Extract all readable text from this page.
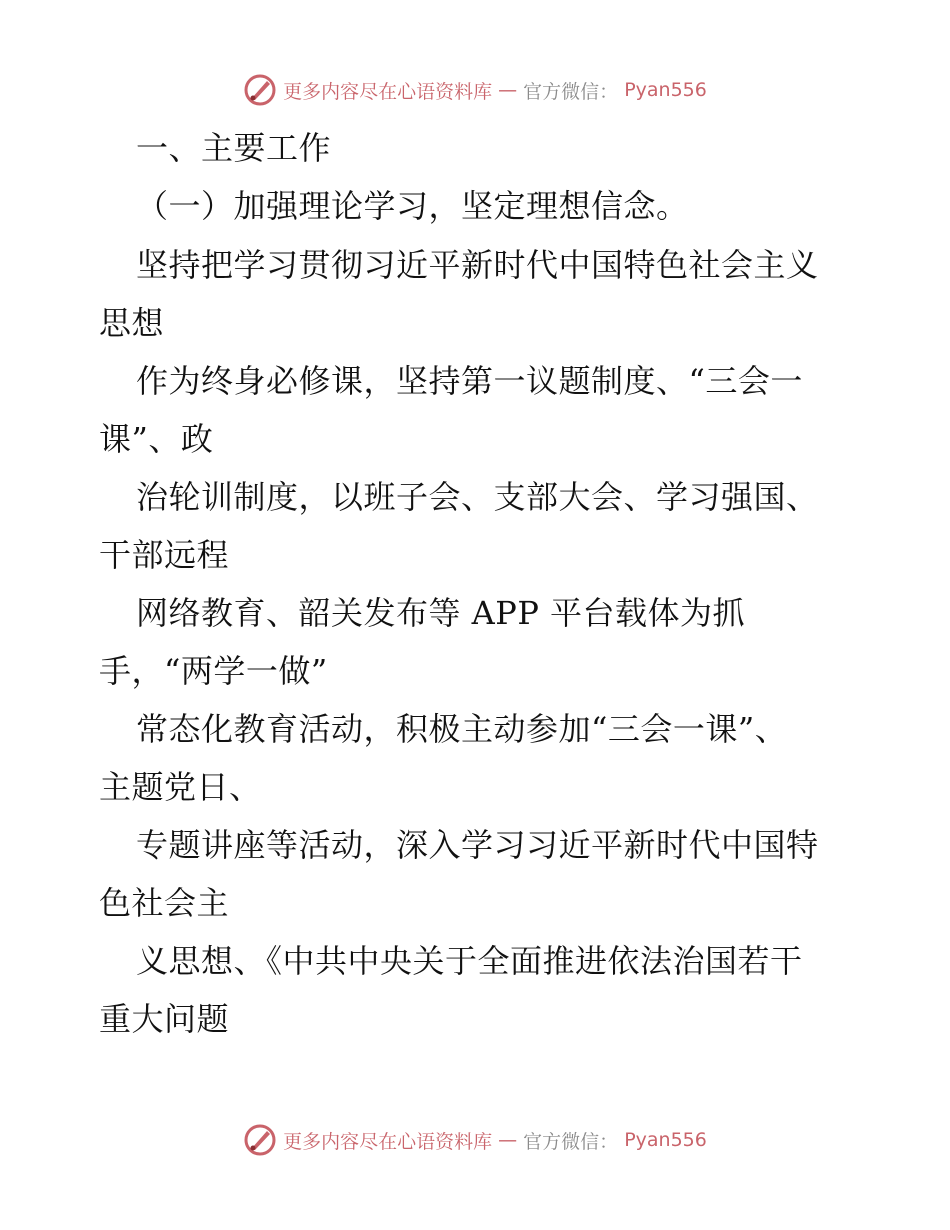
更多内容尽在心语资料库 — 官方微信： Pyan556
一、主要工作
（一）加强理论学习，坚定理想信念。
坚持把学习贯彻习近平新时代中国特色社会主义
思想
作为终身必修课，坚持第一议题制度、“三会一
课”、政
治轮训制度，以班子会、支部大会、学习强国、
干部远程
网络教育、韶关发布等 APP 平台载体为抓
手，“两学一做”
常态化教育活动，积极主动参加“三会一课”、
主题党日、
专题讲座等活动，深入学习习近平新时代中国特
色社会主
义思想、《中共中央关于全面推进依法治国若干
重大问题
更多内容尽在心语资料库 — 官方微信： Pyan556
